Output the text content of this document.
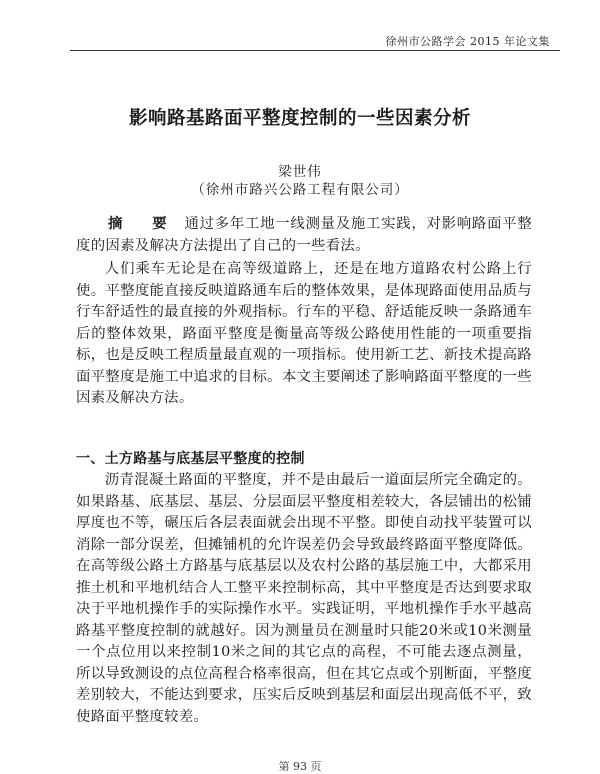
徐州市公路学会 2015 年论文集
影响路基路面平整度控制的一些因素分析
梁世伟
（徐州市路兴公路工程有限公司）
摘 要 通过多年工地一线测量及施工实践，对影响路面平整度的因素及解决方法提出了自己的一些看法。
人们乘车无论是在高等级道路上，还是在地方道路农村公路上行使。平整度能直接反映道路通车后的整体效果，是体现路面使用品质与行车舒适性的最直接的外观指标。行车的平稳、舒适能反映一条路通车后的整体效果，路面平整度是衡量高等级公路使用性能的一项重要指标，也是反映工程质量最直观的一项指标。使用新工艺、新技术提高路面平整度是施工中追求的目标。本文主要阐述了影响路面平整度的一些因素及解决方法。
一、土方路基与底基层平整度的控制
沥青混凝土路面的平整度，并不是由最后一道面层所完全确定的。如果路基、底基层、基层、分层面层平整度相差较大，各层铺出的松铺厚度也不等，碾压后各层表面就会出现不平整。即使自动找平装置可以消除一部分误差，但摊铺机的允许误差仍会导致最终路面平整度降低。在高等级公路土方路基与底基层以及农村公路的基层施工中，大都采用推土机和平地机结合人工整平来控制标高，其中平整度是否达到要求取决于平地机操作手的实际操作水平。实践证明，平地机操作手水平越高路基平整度控制的就越好。因为测量员在测量时只能20米或10米测量一个点位用以来控制10米之间的其它点的高程，不可能去逐点测量，所以导致测设的点位高程合格率很高，但在其它点或个别断面，平整度差别较大，不能达到要求，压实后反映到基层和面层出现高低不平，致使路面平整度较差。
第 93 页
